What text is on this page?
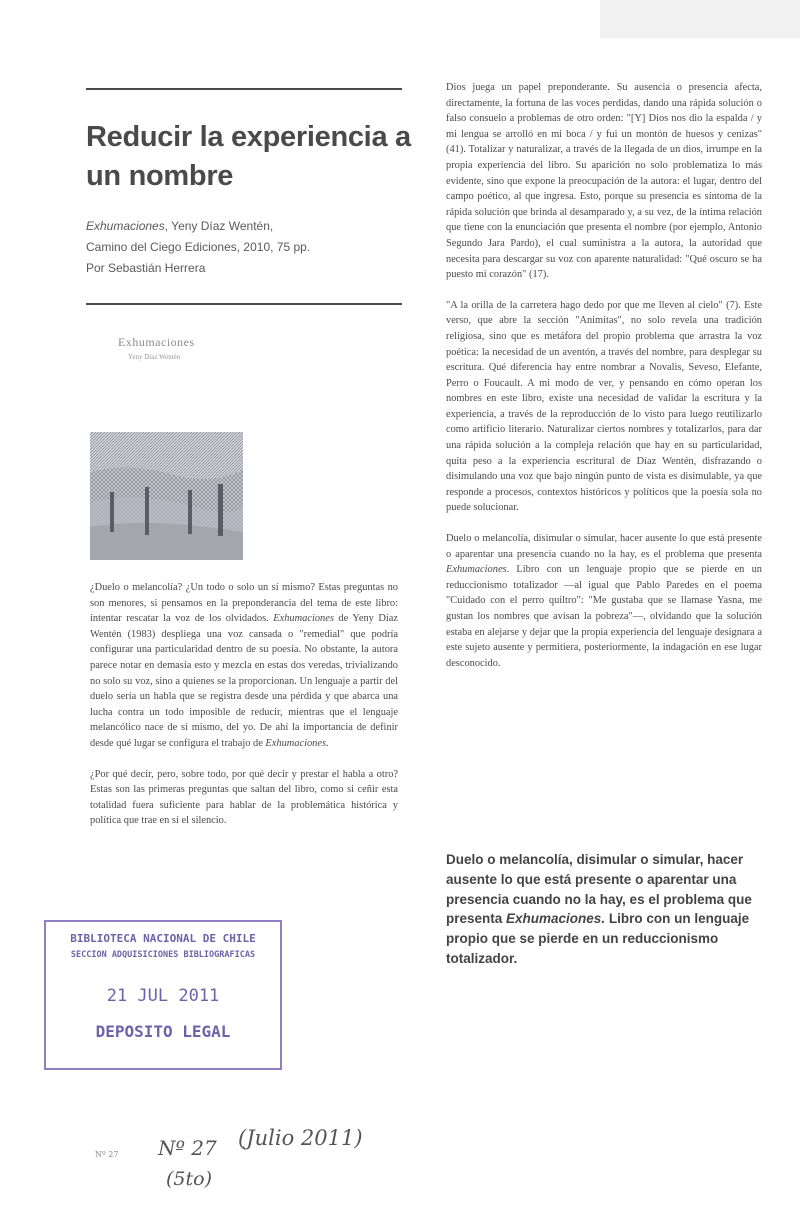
Reducir la experiencia a un nombre
Exhumaciones, Yeny Díaz Wentén,
Camino del Ciego Ediciones, 2010, 75 pp.
Por Sebastián Herrera
Exhumaciones
Yeny Díaz Wentén

¿Duelo o melancolía? ¿Un todo o solo un sí mismo? Estas preguntas no son menores, si pensamos en la preponderancia del tema de este libro: intentar rescatar la voz de los olvidados. Exhumaciones de Yeny Díaz Wentén (1983) despliega una voz cansada o "remedial" que podría configurar una particularidad dentro de su poesía. No obstante, la autora parece notar en demasía esto y mezcla en estas dos veredas, trivializando no solo su voz, sino a quienes se la proporcionan. Un lenguaje a partir del duelo sería un habla que se registra desde una pérdida y que abarca una lucha contra un todo imposible de reducir, mientras que el lenguaje melancólico nace de sí mismo, del yo. De ahí la importancia de definir desde qué lugar se configura el trabajo de Exhumaciones.

¿Por qué decir, pero, sobre todo, por qué decir y prestar el habla a otro? Estas son las primeras preguntas que saltan del libro, como si ceñir esta totalidad fuera suficiente para hablar de la problemática histórica y política que trae en sí el silencio.

Dios juega un papel preponderante. Su ausencia o presencia afecta, directamente, la fortuna de las voces perdidas, dando una rápida solución o falso consuelo a problemas de otro orden: "[Y] Dios nos dio la espalda / y mi lengua se arrolló en mi boca / y fui un montón de huesos y cenizas" (41). Totalizar y naturalizar, a través de la llegada de un dios, irrumpe en la propia experiencia del libro. Su aparición no solo problematiza lo más evidente, sino que expone la preocupación de la autora: el lugar, dentro del campo poético, al que ingresa. Esto, porque su presencia es síntoma de la rápida solución que brinda al desamparado y, a su vez, de la íntima relación que tiene con la enunciación que presenta el nombre (por ejemplo, Antonio Segundo Jara Pardo), el cual suministra a la autora, la autoridad que necesita para descargar su voz con aparente naturalidad: "Qué oscuro se ha puesto mi corazón" (17).

"A la orilla de la carretera hago dedo por que me lleven al cielo" (7). Este verso, que abre la sección "Animitas", no solo revela una tradición religiosa, sino que es metáfora del propio problema que arrastra la voz poética: la necesidad de un aventón, a través del nombre, para desplegar su escritura. Qué diferencia hay entre nombrar a Novalis, Seveso, Elefante, Perro o Foucault. A mi modo de ver, y pensando en cómo operan los nombres en este libro, existe una necesidad de validar la escritura y la experiencia, a través de la reproducción de lo visto para luego reutilizarlo como artificio literario. Naturalizar ciertos nombres y totalizarlos, para dar una rápida solución a la compleja relación que hay en su particularidad, quita peso a la experiencia escritural de Díaz Wentén, disfrazando o disimulando una voz que bajo ningún punto de vista es disimulable, ya que responde a procesos, contextos históricos y políticos que la poesía sola no puede solucionar.

Duelo o melancolía, disimular o simular, hacer ausente lo que está presente o aparentar una presencia cuando no la hay, es el problema que presenta Exhumaciones. Libro con un lenguaje propio que se pierde en un reduccionismo totalizador —al igual que Pablo Paredes en el poema "Cuidado con el perro quiltro": "Me gustaba que se llamase Yasna, me gustan los nombres que avisan la pobreza"—, olvidando que la solución estaba en alejarse y dejar que la propia experiencia del lenguaje designara a este sujeto ausente y permitiera, posteriormente, la indagación en ese lugar desconocido.

Duelo o melancolía, disimular o simular, hacer ausente lo que está presente o aparentar una presencia cuando no la hay, es el problema que presenta Exhumaciones. Libro con un lenguaje propio que se pierde en un reduccionismo totalizador.
BIBLIOTECA NACIONAL DE CHILE
SECCION ADQUISICIONES BIBLIOGRAFICAS
21 JUL 2011
DEPOSITO LEGAL
Nº 27 Nº 27 (Julio 2011)
(5to)
